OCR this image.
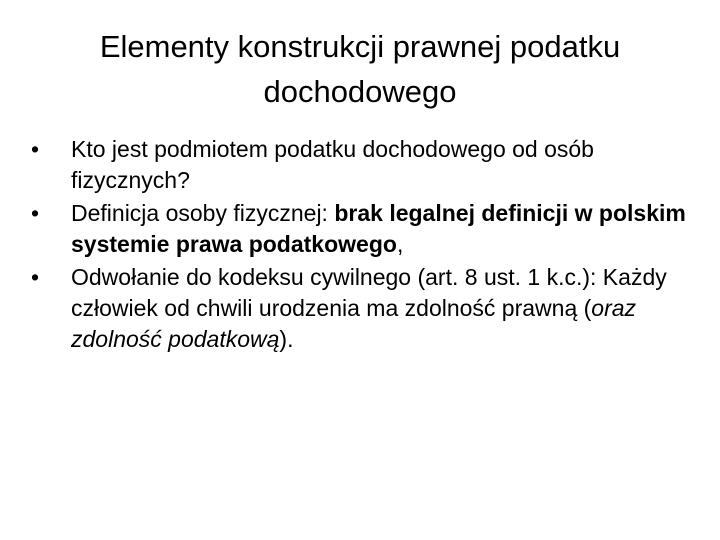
Elementy konstrukcji prawnej podatku dochodowego
•	Kto jest podmiotem podatku dochodowego od osób fizycznych?
•	Definicja osoby fizycznej: brak legalnej definicji w polskim systemie prawa podatkowego,
•	Odwołanie do kodeksu cywilnego (art. 8 ust. 1 k.c.): Każdy człowiek od chwili urodzenia ma zdolność prawną (oraz zdolność podatkową).
